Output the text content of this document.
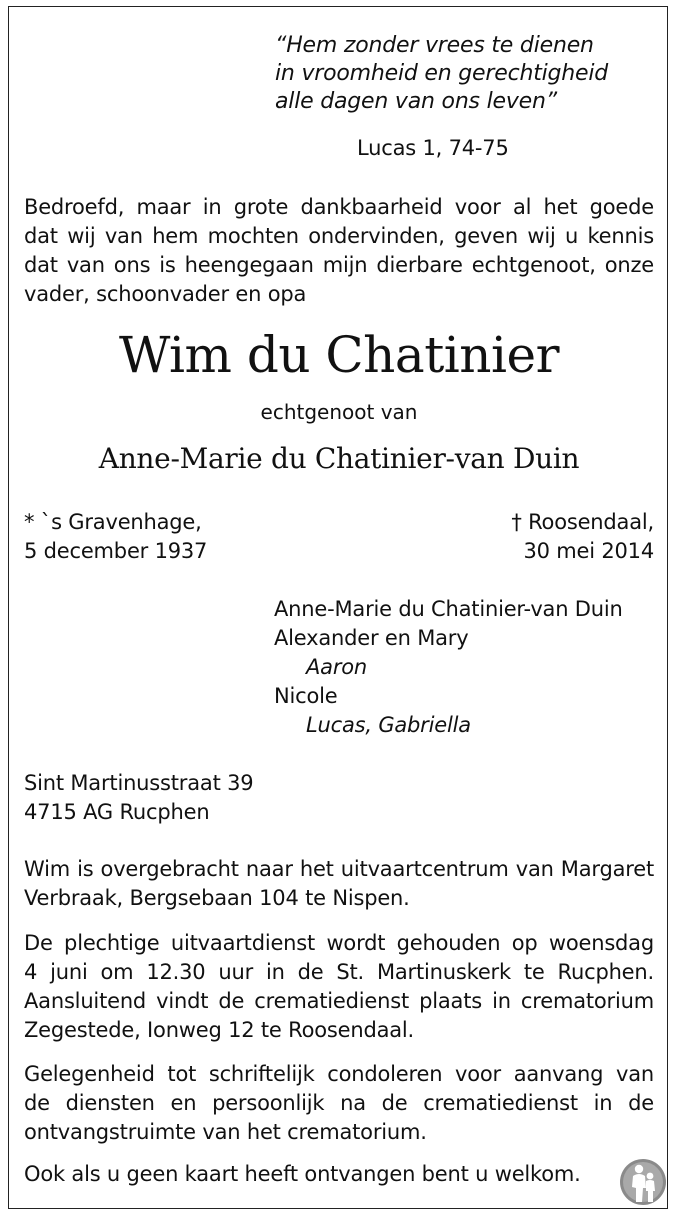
“Hem zonder vrees te dienen
in vroomheid en gerechtigheid
alle dagen van ons leven”
Lucas 1, 74-75
Bedroefd, maar in grote dankbaarheid voor al het goede
dat wij van hem mochten ondervinden, geven wij u kennis
dat van ons is heengegaan mijn dierbare echtgenoot, onze
vader, schoonvader en opa
Wim du Chatinier
echtgenoot van
Anne-Marie du Chatinier-van Duin
* `s Gravenhage,
5 december 1937
† Roosendaal,
30 mei 2014
Anne-Marie du Chatinier-van Duin
Alexander en Mary
Aaron
Nicole
Lucas, Gabriella
Sint Martinusstraat 39
4715 AG Rucphen
Wim is overgebracht naar het uitvaartcentrum van Margaret
Verbraak, Bergsebaan 104 te Nispen.
De plechtige uitvaartdienst wordt gehouden op woensdag
4 juni om 12.30 uur in de St. Martinuskerk te Rucphen.
Aansluitend vindt de crematiedienst plaats in crematorium
Zegestede, Ionweg 12 te Roosendaal.
Gelegenheid tot schriftelijk condoleren voor aanvang van
de diensten en persoonlijk na de crematiedienst in de
ontvangstruimte van het crematorium.
Ook als u geen kaart heeft ontvangen bent u welkom.
